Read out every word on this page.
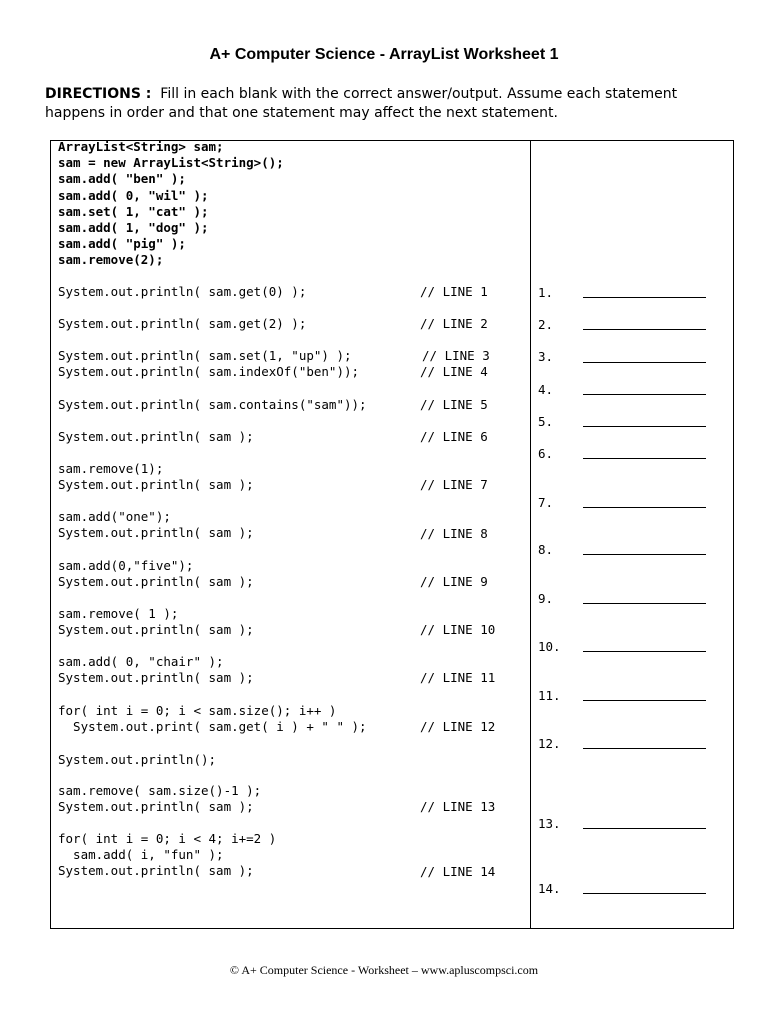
A+ Computer Science - ArrayList Worksheet 1
DIRECTIONS : Fill in each blank with the correct answer/output. Assume each statement happens in order and that one statement may affect the next statement.
ArrayList<String> sam;
sam = new ArrayList<String>();
sam.add( "ben" );
sam.add( 0, "wil" );
sam.set( 1, "cat" );
sam.add( 1, "dog" );
sam.add( "pig" );
sam.remove(2);
System.out.println( sam.get(0) );
System.out.println( sam.get(2) );
System.out.println( sam.set(1, "up") );
System.out.println( sam.indexOf("ben"));
System.out.println( sam.contains("sam"));
System.out.println( sam );
sam.remove(1);
System.out.println( sam );
sam.add("one");
System.out.println( sam );
sam.add(0,"five");
System.out.println( sam );
sam.remove( 1 );
System.out.println( sam );
sam.add( 0, "chair" );
System.out.println( sam );
for( int i = 0; i < sam.size(); i++ )
System.out.print( sam.get( i ) + " " );

System.out.println();
sam.remove( sam.size()-1 );
System.out.println( sam );
for( int i = 0; i < 4; i+=2 )
sam.add( i, "fun" );
System.out.println( sam );
// LINE 1
// LINE 2
// LINE 3
// LINE 4
// LINE 5
// LINE 6
// LINE 7
// LINE 8
// LINE 9
// LINE 10
// LINE 11
// LINE 12
// LINE 13
// LINE 14
1.
2.
3.
4.
5.
6.
7.
8.
9.
10.
11.
12.
13.
14.
© A+ Computer Science - Worksheet – www.apluscompsci.com
